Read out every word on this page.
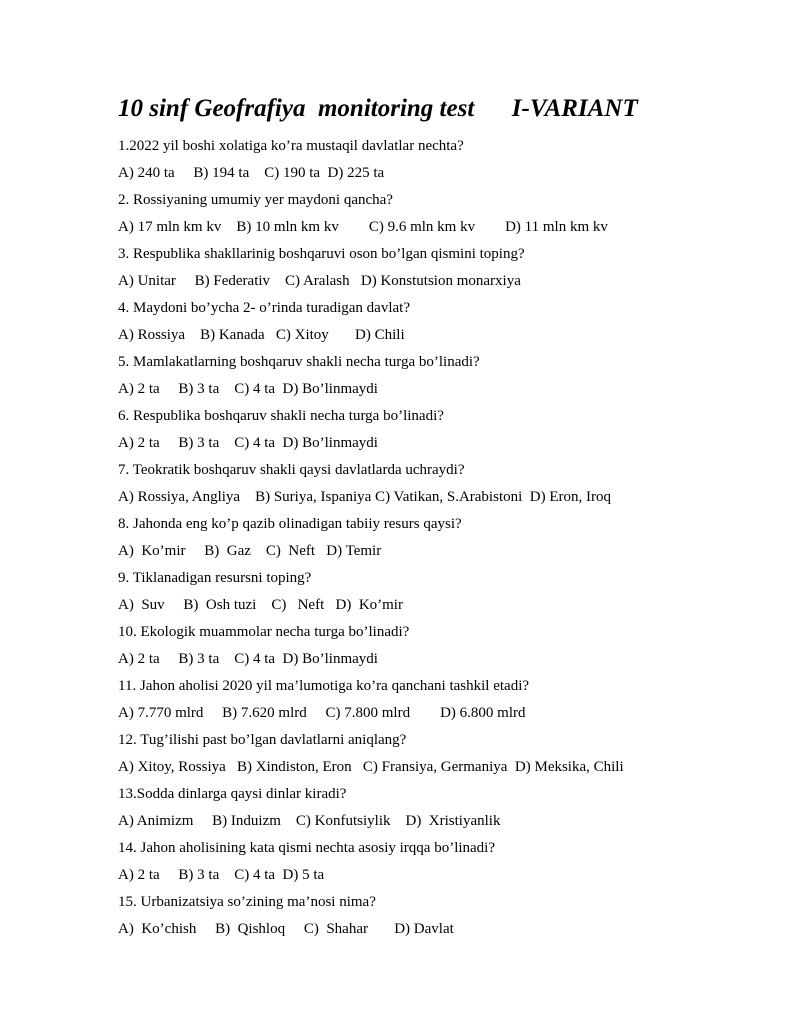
10 sinf Geofrafiya  monitoring test      I-VARIANT
1.2022 yil boshi xolatiga ko’ra mustaqil davlatlar nechta?
A) 240 ta     B) 194 ta    C) 190 ta  D) 225 ta
2. Rossiyaning umumiy yer maydoni qancha?
A) 17 mln km kv    B) 10 mln km kv        C) 9.6 mln km kv        D) 11 mln km kv
3. Respublika shakllarinig boshqaruvi oson bo’lgan qismini toping?
A) Unitar     B) Federativ    C) Aralash   D) Konstutsion monarxiya
4. Maydoni bo’ycha 2- o’rinda turadigan davlat?
A) Rossiya    B) Kanada   C) Xitoy       D) Chili
5. Mamlakatlarning boshqaruv shakli necha turga bo’linadi?
A) 2 ta     B) 3 ta    C) 4 ta  D) Bo’linmaydi
6. Respublika boshqaruv shakli necha turga bo’linadi?
A) 2 ta     B) 3 ta    C) 4 ta  D) Bo’linmaydi
7. Teokratik boshqaruv shakli qaysi davlatlarda uchraydi?
A) Rossiya, Angliya    B) Suriya, Ispaniya C) Vatikan, S.Arabistoni  D) Eron, Iroq
8. Jahonda eng ko’p qazib olinadigan tabiiy resurs qaysi?
A)  Ko’mir     B)  Gaz    C)  Neft   D) Temir
9. Tiklanadigan resursni toping?
A)  Suv     B)  Osh tuzi    C)   Neft   D)  Ko’mir
10. Ekologik muammolar necha turga bo’linadi?
A) 2 ta     B) 3 ta    C) 4 ta  D) Bo’linmaydi
11. Jahon aholisi 2020 yil ma’lumotiga ko’ra qanchani tashkil etadi?
A) 7.770 mlrd     B) 7.620 mlrd     C) 7.800 mlrd        D) 6.800 mlrd
12. Tug’ilishi past bo’lgan davlatlarni aniqlang?
A) Xitoy, Rossiya   B) Xindiston, Eron   C) Fransiya, Germaniya  D) Meksika, Chili
13.Sodda dinlarga qaysi dinlar kiradi?
A) Animizm     B) Induizm    C) Konfutsiylik    D)  Xristiyanlik
14. Jahon aholisining kata qismi nechta asosiy irqqa bo’linadi?
A) 2 ta     B) 3 ta    C) 4 ta  D) 5 ta
15. Urbanizatsiya so’zining ma’nosi nima?
A)  Ko’chish     B)  Qishloq     C)  Shahar       D) Davlat
